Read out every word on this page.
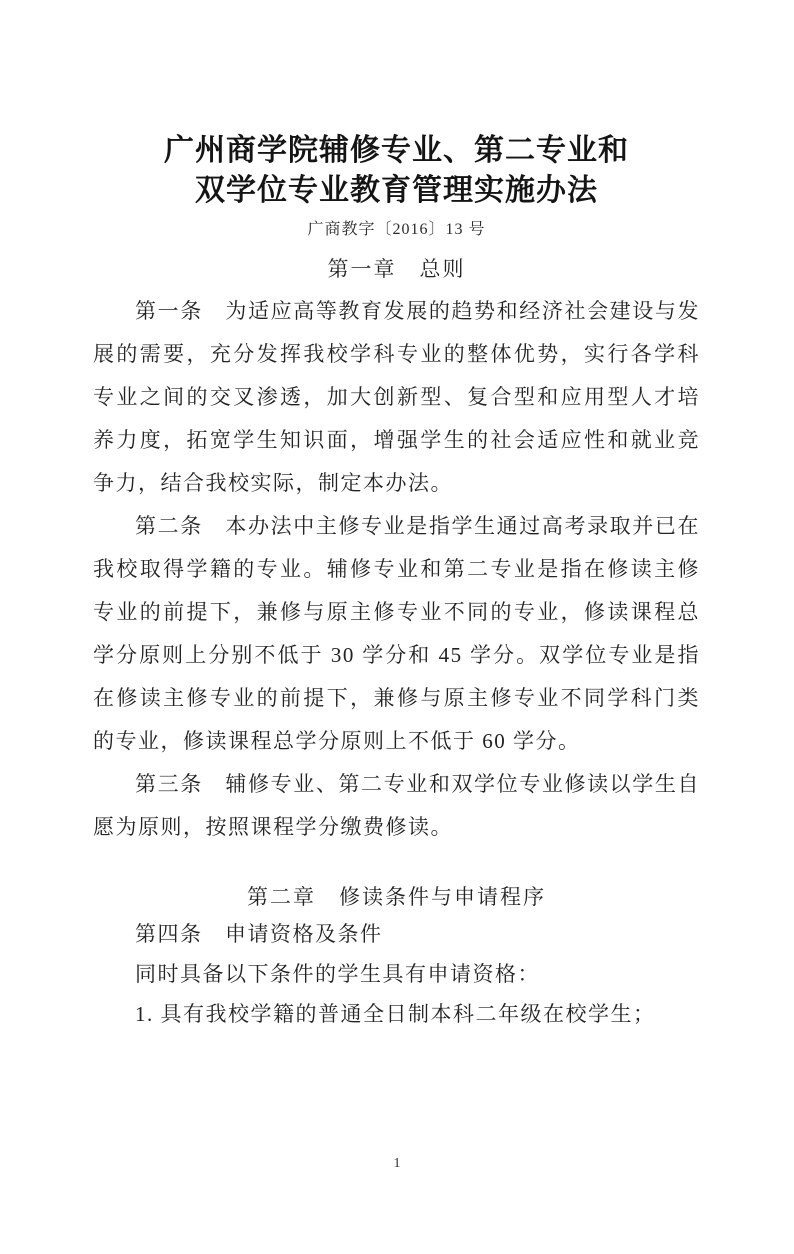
广州商学院辅修专业、第二专业和
双学位专业教育管理实施办法
广商教字〔2016〕13 号
第一章　总则

第一条　为适应高等教育发展的趋势和经济社会建设与发展的需要，充分发挥我校学科专业的整体优势，实行各学科专业之间的交叉渗透，加大创新型、复合型和应用型人才培养力度，拓宽学生知识面，增强学生的社会适应性和就业竞争力，结合我校实际，制定本办法。

第二条　本办法中主修专业是指学生通过高考录取并已在我校取得学籍的专业。辅修专业和第二专业是指在修读主修专业的前提下，兼修与原主修专业不同的专业，修读课程总学分原则上分别不低于 30 学分和 45 学分。双学位专业是指在修读主修专业的前提下，兼修与原主修专业不同学科门类的专业，修读课程总学分原则上不低于 60 学分。

第三条　辅修专业、第二专业和双学位专业修读以学生自愿为原则，按照课程学分缴费修读。

第二章　修读条件与申请程序

第四条　申请资格及条件

同时具备以下条件的学生具有申请资格：

1. 具有我校学籍的普通全日制本科二年级在校学生；

1
